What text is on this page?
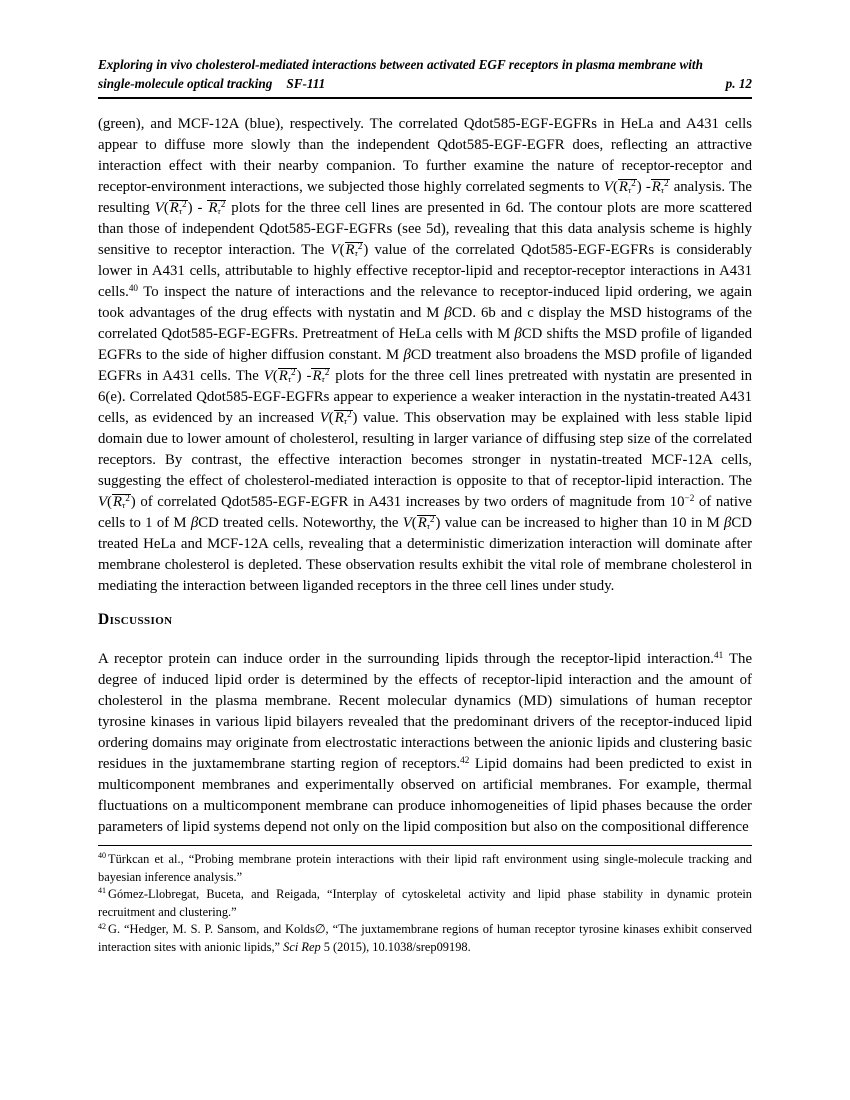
Exploring in vivo cholesterol-mediated interactions between activated EGF receptors in plasma membrane with
single-molecule optical tracking SF-111	p. 12

(green), and MCF-12A (blue), respectively. The correlated Qdot585-EGF-EGFRs in HeLa and A431 cells appear to diffuse more slowly than the independent Qdot585-EGF-EGFR does, reflecting an attractive interaction effect with their nearby companion. To further examine the nature of receptor-receptor and receptor-environment interactions, we subjected those highly correlated segments to $V(R_\tau^2)$ $-R_\tau^2$ analysis. The resulting $V(R_\tau^2) - R_\tau^2$ plots for the three cell lines are presented in 6d. The contour plots are more scattered than those of independent Qdot585-EGF-EGFRs (see 5d), revealing that this data analysis scheme is highly sensitive to receptor interaction. The $V(R_\tau^2)$ value of the correlated Qdot585-EGF-EGFRs is considerably lower in A431 cells, attributable to highly effective receptor-lipid and receptor-receptor interactions in A431 cells.$^{40}$ To inspect the nature of interactions and the relevance to receptor-induced lipid ordering, we again took advantages of the drug effects with nystatin and M βCD. 6b and c display the MSD histograms of the correlated Qdot585-EGF-EGFRs. Pretreatment of HeLa cells with M βCD shifts the MSD profile of liganded EGFRs to the side of higher diffusion constant. M βCD treatment also broadens the MSD profile of liganded EGFRs in A431 cells. The $V(R_\tau^2)$ $-R_\tau^2$ plots for the three cell lines pretreated with nystatin are presented in 6(e). Correlated Qdot585-EGF-EGFRs appear to experience a weaker interaction in the nystatin-treated A431 cells, as evidenced by an increased $V(R_\tau^2)$ value. This observation may be explained with less stable lipid domain due to lower amount of cholesterol, resulting in larger variance of diffusing step size of the correlated receptors. By contrast, the effective interaction becomes stronger in nystatin-treated MCF-12A cells, suggesting the effect of cholesterol-mediated interaction is opposite to that of receptor-lipid interaction. The $V(R_\tau^2)$ of correlated Qdot585-EGF-EGFR in A431 increases by two orders of magnitude from $10^{-2}$ of native cells to 1 of M βCD treated cells. Noteworthy, the $V(R_\tau^2)$ value can be increased to higher than 10 in M βCD treated HeLa and MCF-12A cells, revealing that a deterministic dimerization interaction will dominate after membrane cholesterol is depleted. These observation results exhibit the vital role of membrane cholesterol in mediating the interaction between liganded receptors in the three cell lines under study.

Discussion

A receptor protein can induce order in the surrounding lipids through the receptor-lipid interaction.$^{41}$ The degree of induced lipid order is determined by the effects of receptor-lipid interaction and the amount of cholesterol in the plasma membrane. Recent molecular dynamics (MD) simulations of human receptor tyrosine kinases in various lipid bilayers revealed that the predominant drivers of the receptor-induced lipid ordering domains may originate from electrostatic interactions between the anionic lipids and clustering basic residues in the juxtamembrane starting region of receptors.$^{42}$ Lipid domains had been predicted to exist in multicomponent membranes and experimentally observed on artificial membranes. For example, thermal fluctuations on a multicomponent membrane can produce inhomogeneities of lipid phases because the order parameters of lipid systems depend not only on the lipid composition but also on the compositional difference

$^{40}$ Türkcan et al., “Probing membrane protein interactions with their lipid raft environment using single-molecule tracking and bayesian inference analysis.”

$^{41}$ Gómez-Llobregat, Buceta, and Reigada, “Interplay of cytoskeletal activity and lipid phase stability in dynamic protein recruitment and clustering.”

$^{42}$ G. “Hedger, M. S. P. Sansom, and Kolds∅, “The juxtamembrane regions of human receptor tyrosine kinases exhibit conserved interaction sites with anionic lipids,” Sci Rep 5 (2015), 10.1038/srep09198.
